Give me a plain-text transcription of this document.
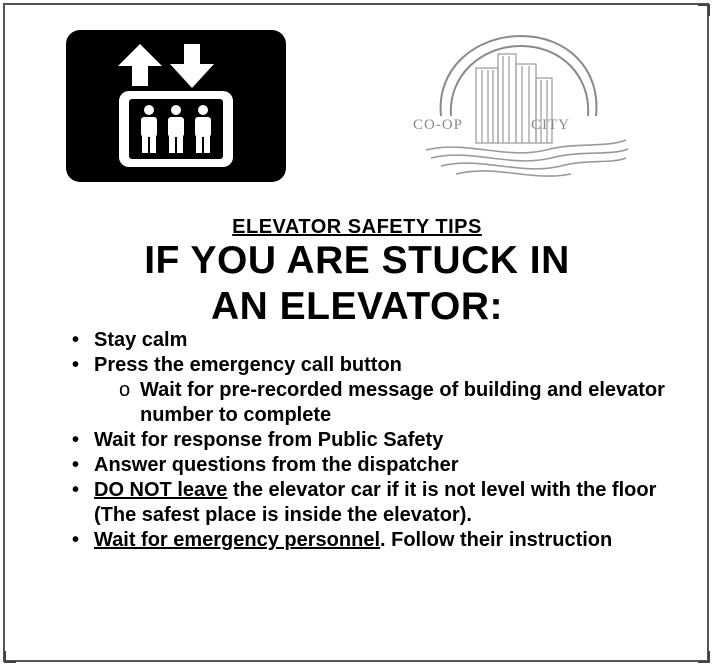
CO-OP	CITY
ELEVATOR SAFETY TIPS
IF YOU ARE STUCK IN
AN ELEVATOR:
• Stay calm
• Press the emergency call button
o Wait for pre-recorded message of building and elevator number to complete
• Wait for response from Public Safety
• Answer questions from the dispatcher
• DO NOT leave the elevator car if it is not level with the floor (The safest place is inside the elevator).
• Wait for emergency personnel. Follow their instruction
